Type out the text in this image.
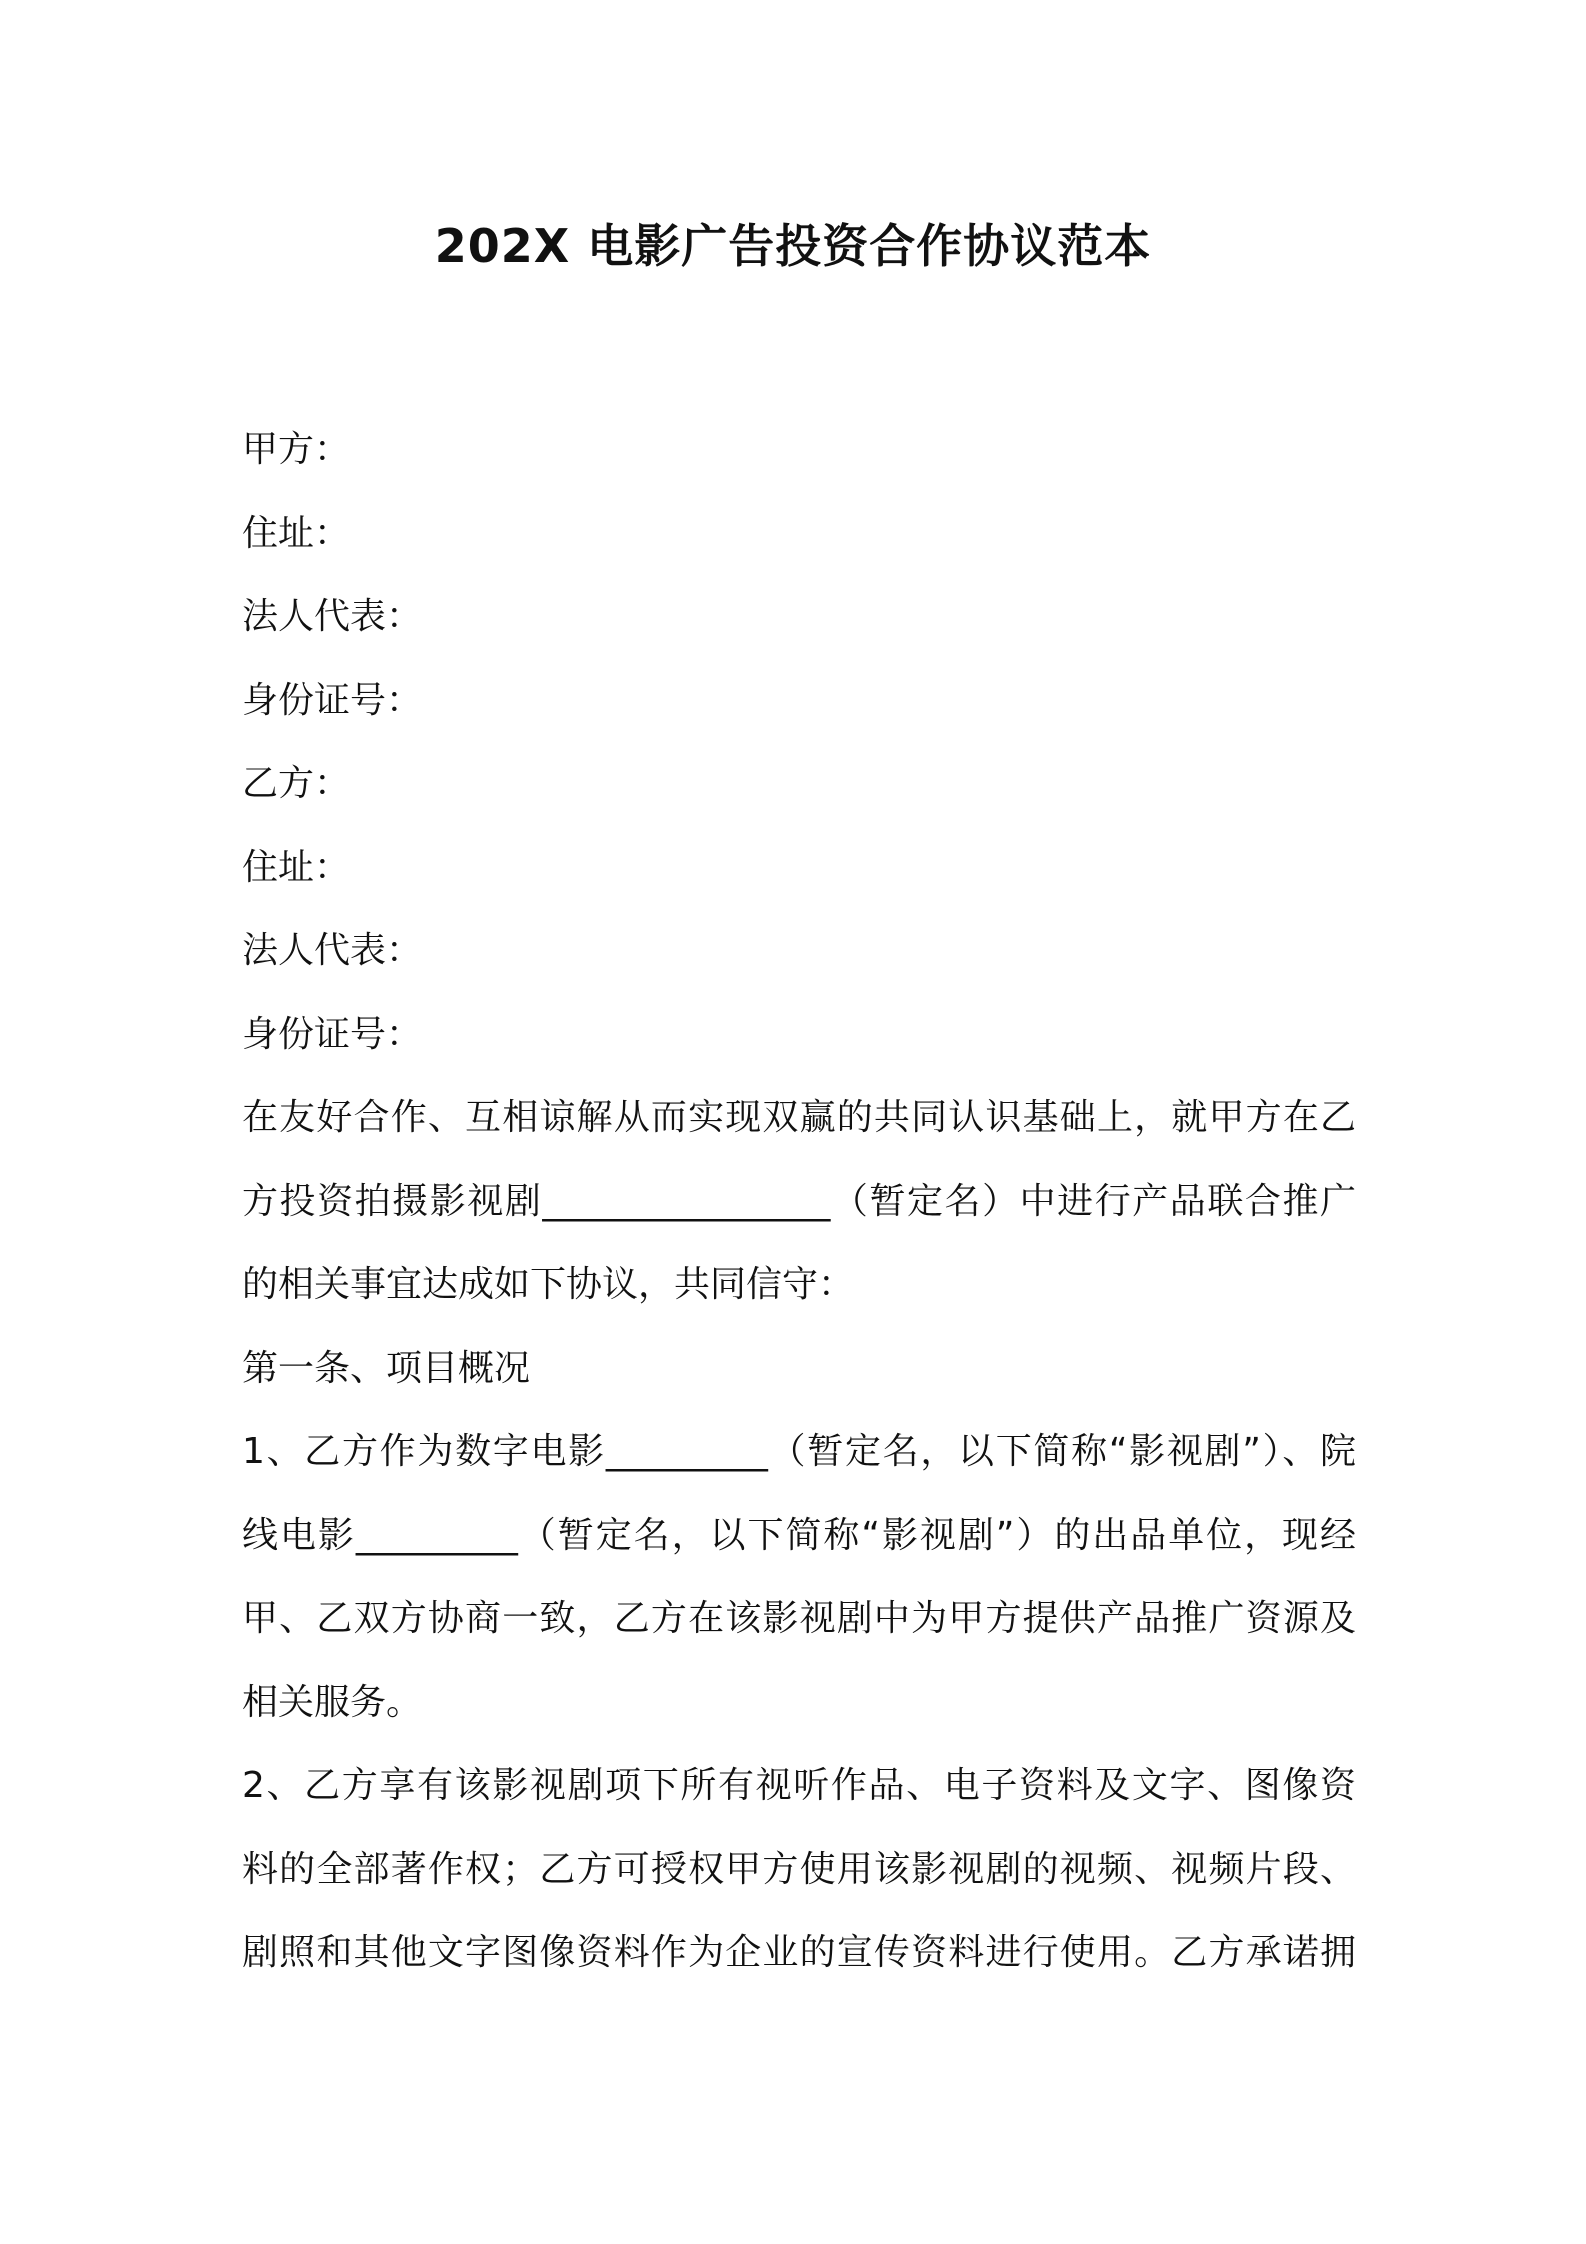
202X 电影广告投资合作协议范本
甲方：
住址：
法人代表：
身份证号：
乙方：
住址：
法人代表：
身份证号：
在友好合作、互相谅解从而实现双赢的共同认识基础上，就甲方在乙
方投资拍摄影视剧________________（暂定名）中进行产品联合推广
的相关事宜达成如下协议，共同信守：
第一条、项目概况
1、乙方作为数字电影_________（暂定名，以下简称“影视剧”）、院
线电影_________（暂定名，以下简称“影视剧”）的出品单位，现经
甲、乙双方协商一致，乙方在该影视剧中为甲方提供产品推广资源及
相关服务。
2、乙方享有该影视剧项下所有视听作品、电子资料及文字、图像资
料的全部著作权；乙方可授权甲方使用该影视剧的视频、视频片段、
剧照和其他文字图像资料作为企业的宣传资料进行使用。乙方承诺拥
